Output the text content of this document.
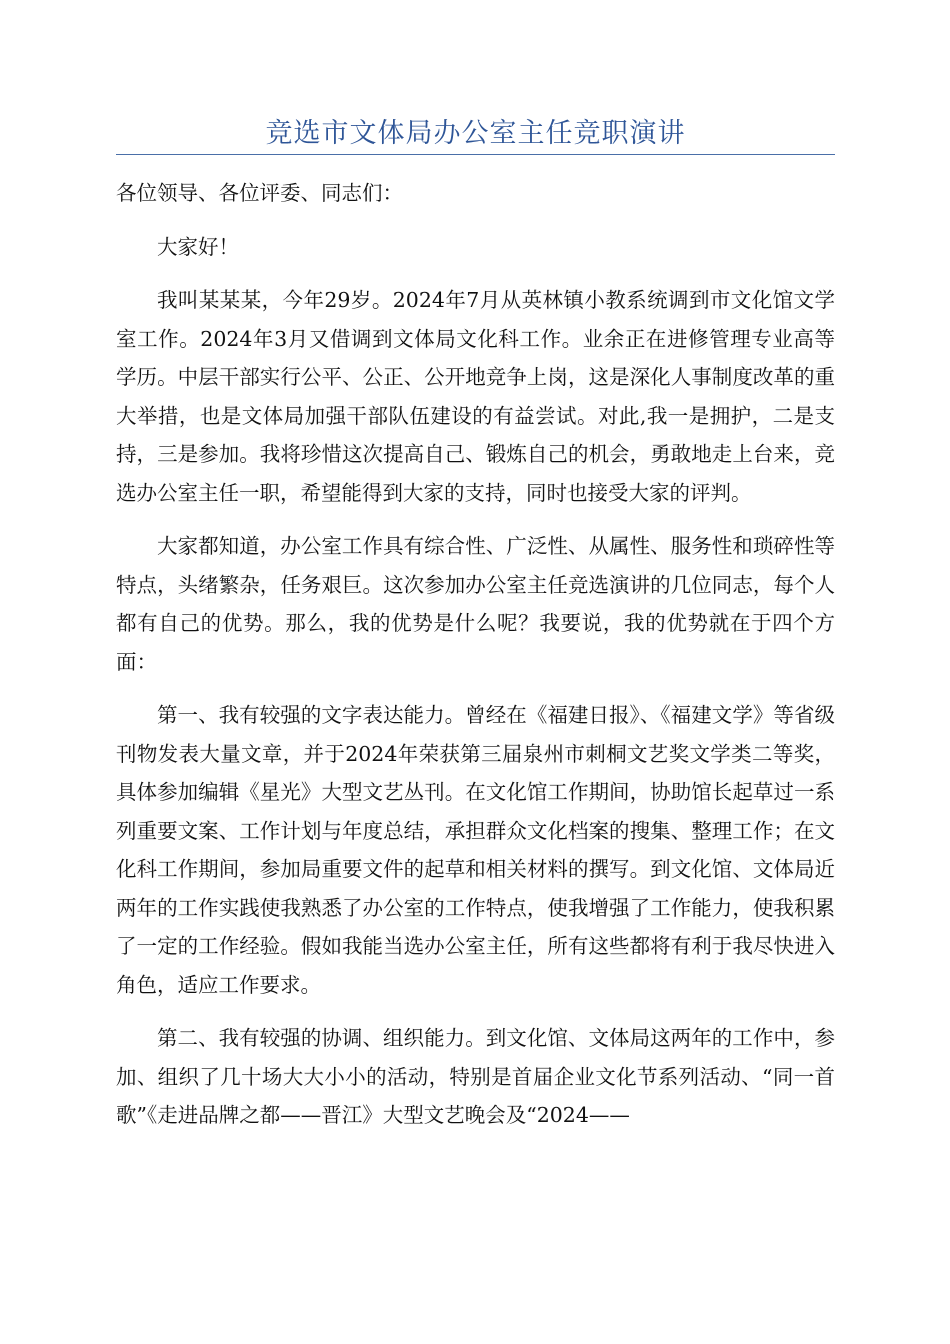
竞选市文体局办公室主任竞职演讲

各位领导、各位评委、同志们：

大家好！

我叫某某某，今年29岁。2024年7月从英林镇小教系统调到市文化馆文学室工作。2024年3月又借调到文体局文化科工作。业余正在进修管理专业高等学历。中层干部实行公平、公正、公开地竞争上岗，这是深化人事制度改革的重大举措，也是文体局加强干部队伍建设的有益尝试。对此,我一是拥护，二是支持，三是参加。我将珍惜这次提高自己、锻炼自己的机会，勇敢地走上台来，竞选办公室主任一职，希望能得到大家的支持，同时也接受大家的评判。

大家都知道，办公室工作具有综合性、广泛性、从属性、服务性和琐碎性等特点，头绪繁杂，任务艰巨。这次参加办公室主任竞选演讲的几位同志，每个人都有自己的优势。那么，我的优势是什么呢？我要说，我的优势就在于四个方面：

第一、我有较强的文字表达能力。曾经在《福建日报》、《福建文学》等省级刊物发表大量文章，并于2024年荣获第三届泉州市刺桐文艺奖文学类二等奖，具体参加编辑《星光》大型文艺丛刊。在文化馆工作期间，协助馆长起草过一系列重要文案、工作计划与年度总结，承担群众文化档案的搜集、整理工作；在文化科工作期间，参加局重要文件的起草和相关材料的撰写。到文化馆、文体局近两年的工作实践使我熟悉了办公室的工作特点，使我增强了工作能力，使我积累了一定的工作经验。假如我能当选办公室主任，所有这些都将有利于我尽快进入角色，适应工作要求。

第二、我有较强的协调、组织能力。到文化馆、文体局这两年的工作中，参加、组织了几十场大大小小的活动，特别是首届企业文化节系列活动、“同一首歌”《走进品牌之都——晋江》大型文艺晚会及“2024——
